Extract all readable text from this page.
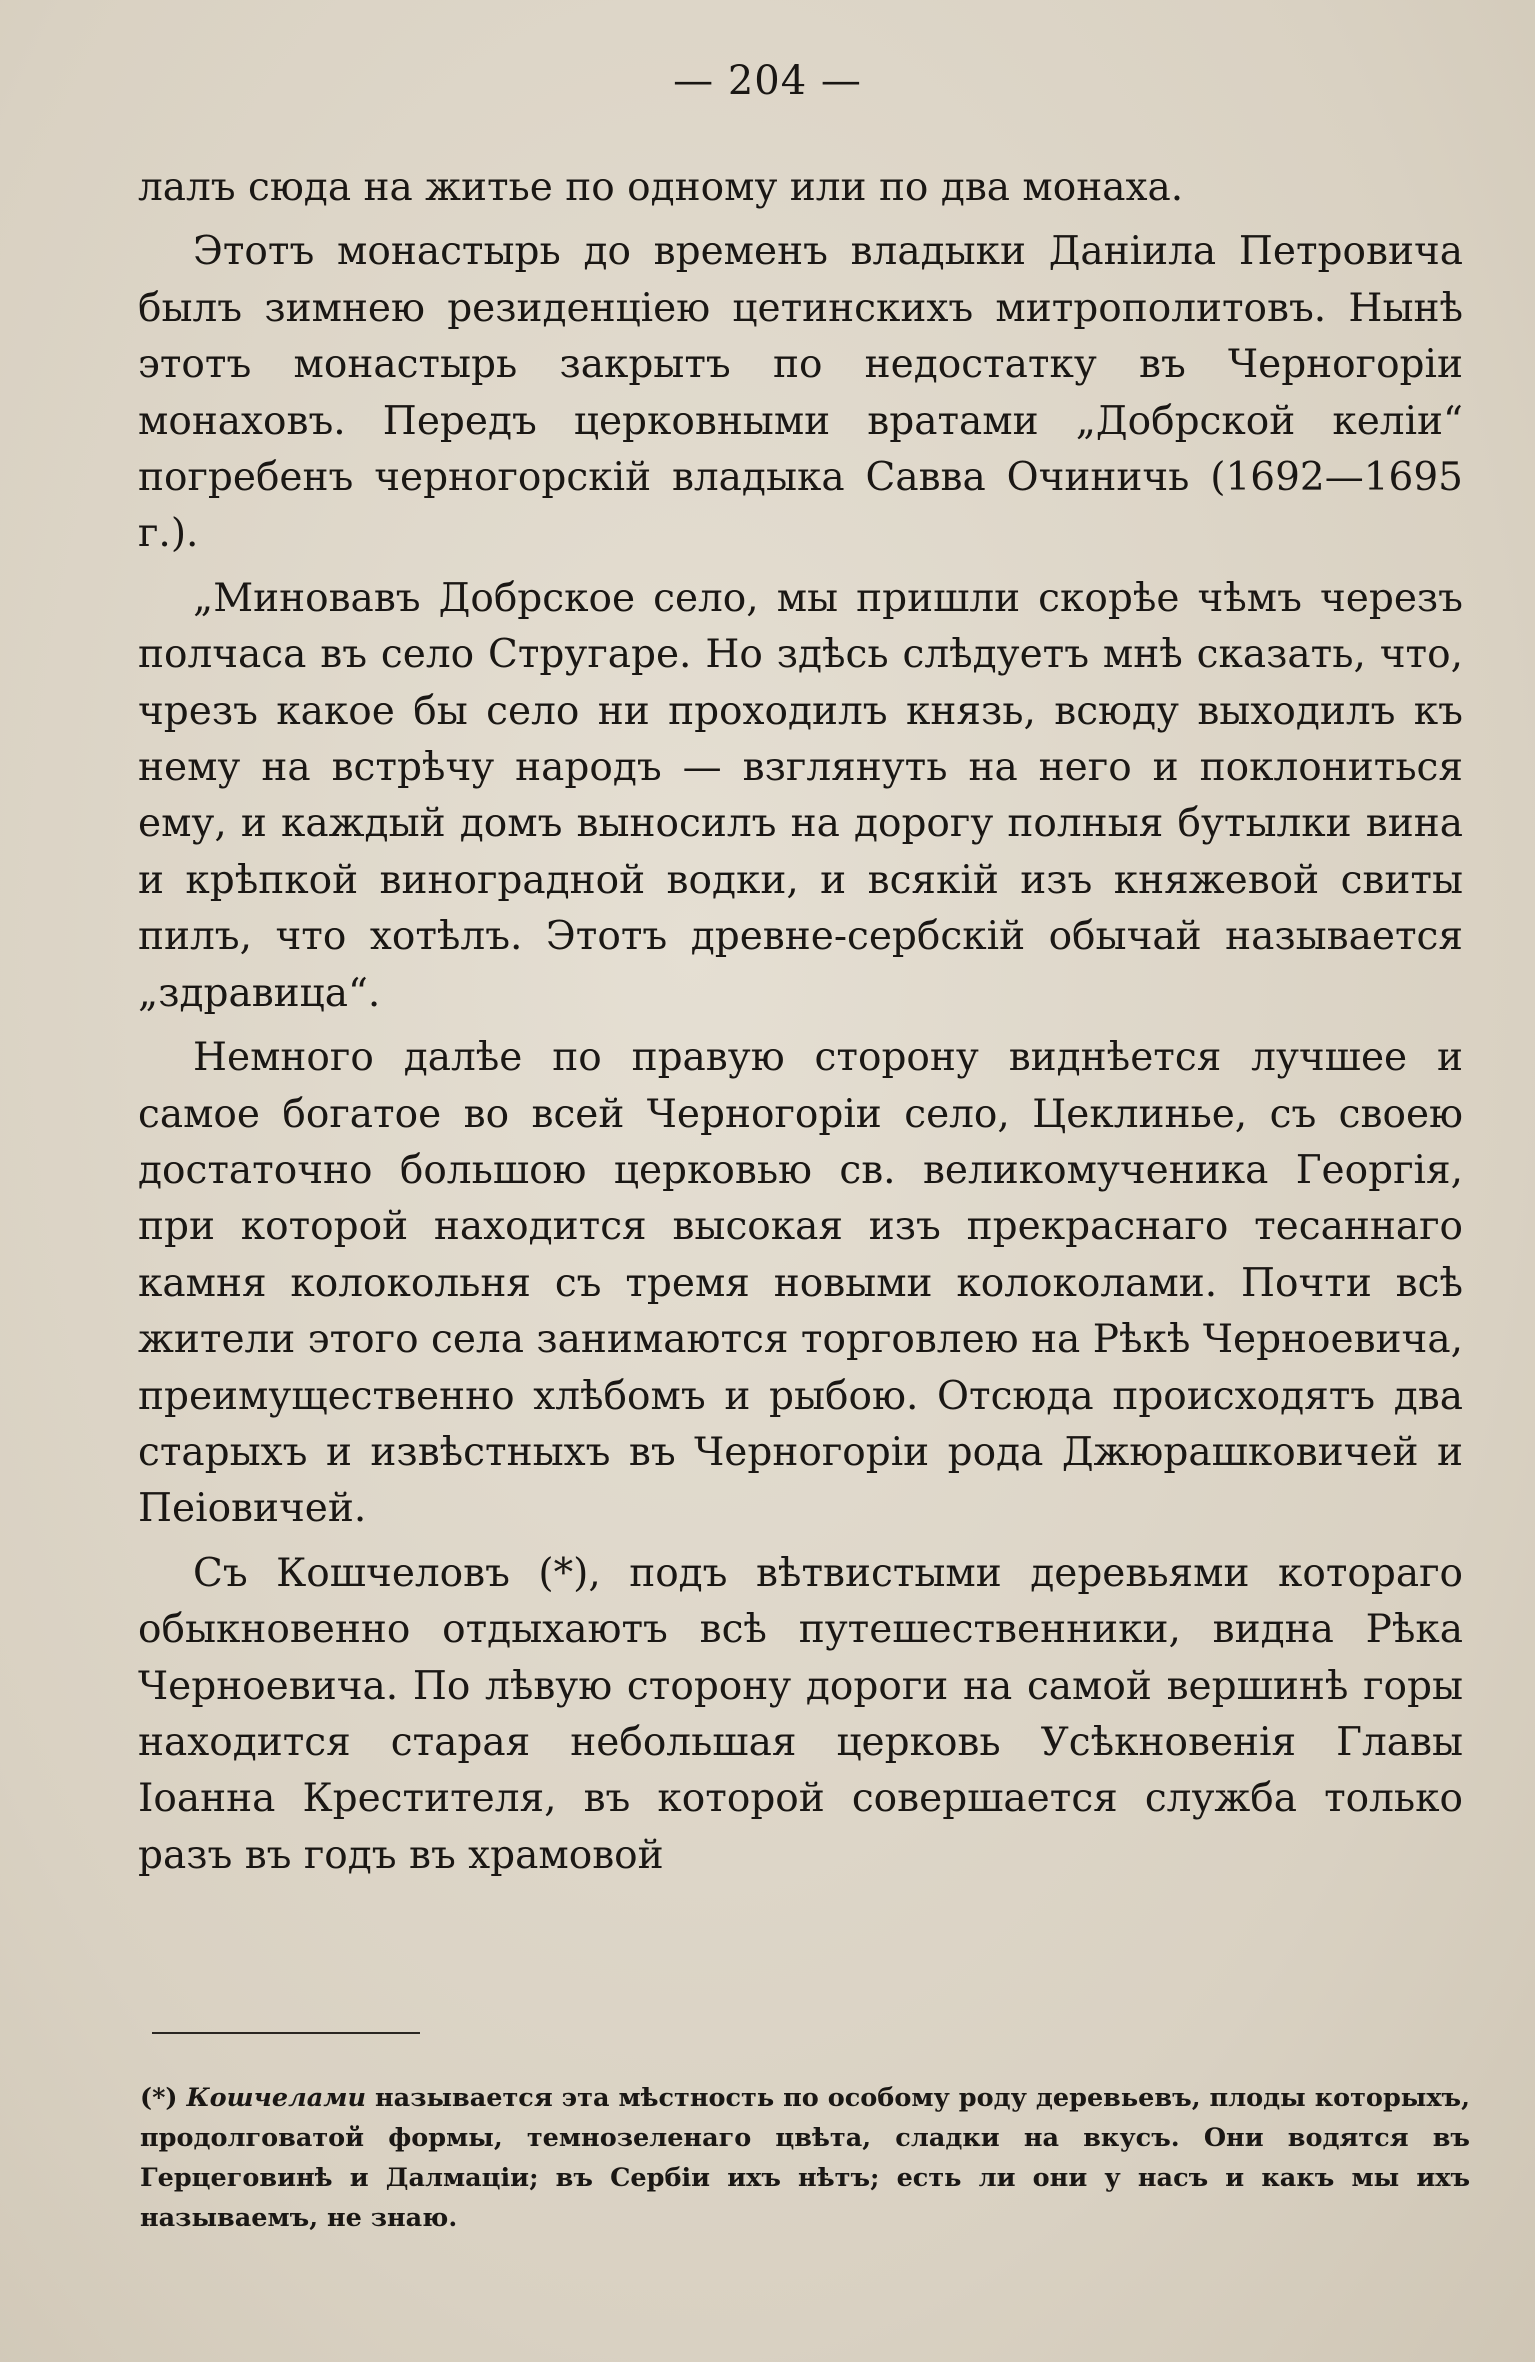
— 204 —

лалъ сюда на житье по одному или по два монаха.

Этотъ монастырь до временъ владыки Данiила Петровича былъ зимнею резиденцiею цетинскихъ митрополитовъ. Нынѣ этотъ монастырь закрытъ по недостатку въ Черногорiи монаховъ. Передъ церковными вратами „Добрской келiи“ погребенъ черногорскiй владыка Савва Очиничь (1692—1695 г.).

„Миновавъ Добрское село, мы пришли скорѣе чѣмъ черезъ полчаса въ село Стругаре. Но здѣсь слѣдуетъ мнѣ сказать, что, чрезъ какое бы село ни проходилъ князь, всюду выходилъ къ нему на встрѣчу народъ — взглянуть на него и поклониться ему, и каждый домъ выносилъ на дорогу полныя бутылки вина и крѣпкой виноградной водки, и всякiй изъ княжевой свиты пилъ, что хотѣлъ. Этотъ древне-сербскiй обычай называется „здравица“.

Немного далѣе по правую сторону виднѣется лучшее и самое богатое во всей Черногорiи село, Цеклинье, съ своею достаточно большою церковью св. великомученика Георгiя, при которой находится высокая изъ прекраснаго тесаннаго камня колокольня съ тремя новыми колоколами. Почти всѣ жители этого села занимаются торговлею на Рѣкѣ Черноевича, преимущественно хлѣбомъ и рыбою. Отсюда происходятъ два старыхъ и извѣстныхъ въ Черногорiи рода Джюрашковичей и Пеiовичей.

Съ Кошчеловъ (*), подъ вѣтвистыми деревьями котораго обыкновенно отдыхаютъ всѣ путешественники, видна Рѣка Черноевича. По лѣвую сторону дороги на самой вершинѣ горы находится старая небольшая церковь Усѣкновенiя Главы Iоанна Крестителя, въ которой совершается служба только разъ въ годъ въ храмовой

(*) Кошчелами называется эта мѣстность по особому роду деревьевъ, плоды которыхъ, продолговатой формы, темнозеленаго цвѣта, сладки на вкусъ. Они водятся въ Герцеговинѣ и Далмацiи; въ Сербiи ихъ нѣтъ; есть ли они у насъ и какъ мы ихъ называемъ, не знаю.
